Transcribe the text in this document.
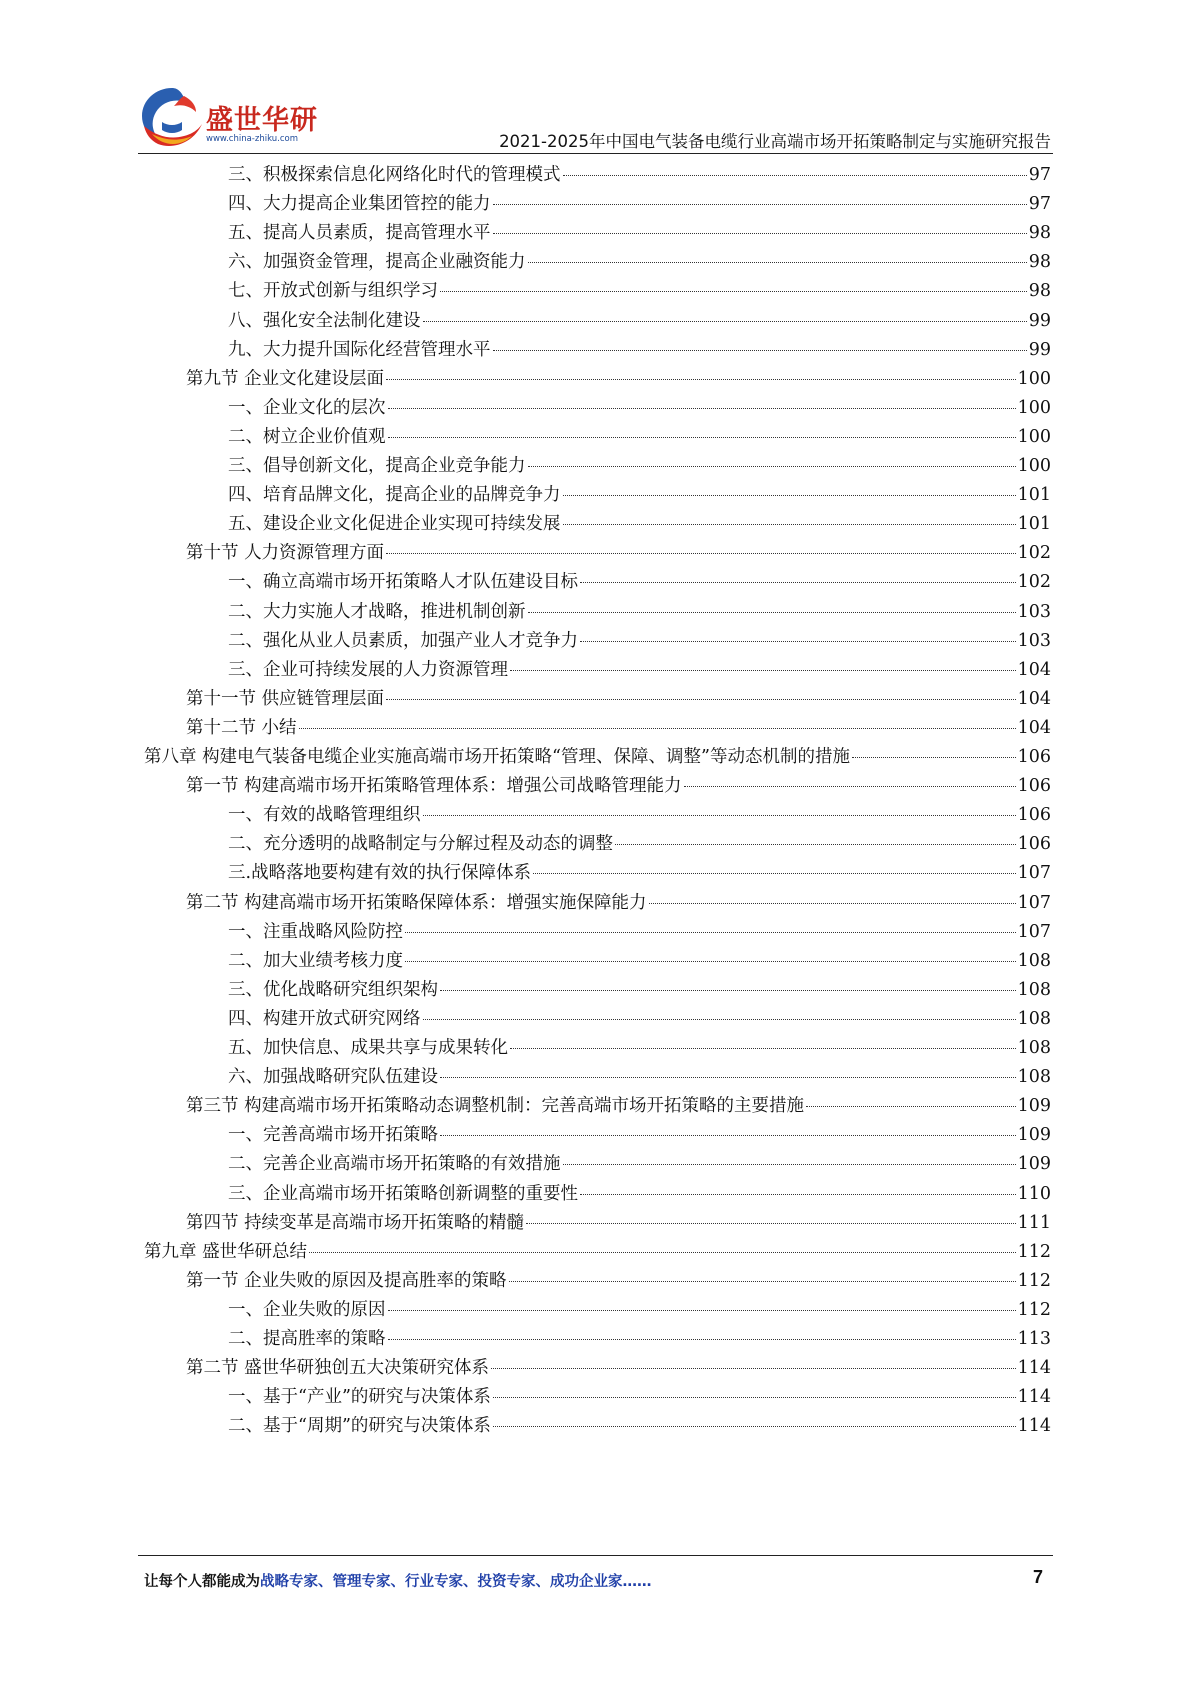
盛世华研
www.china-zhiku.com	2021-2025年中国电气装备电缆行业高端市场开拓策略制定与实施研究报告
三、积极探索信息化网络化时代的管理模式	97
四、大力提高企业集团管控的能力	97
五、提高人员素质，提高管理水平	98
六、加强资金管理，提高企业融资能力	98
七、开放式创新与组织学习	98
八、强化安全法制化建设	99
九、大力提升国际化经营管理水平	99
第九节 企业文化建设层面	100
一、企业文化的层次	100
二、树立企业价值观	100
三、倡导创新文化，提高企业竞争能力	100
四、培育品牌文化，提高企业的品牌竞争力	101
五、建设企业文化促进企业实现可持续发展	101
第十节 人力资源管理方面	102
一、确立高端市场开拓策略人才队伍建设目标	102
二、大力实施人才战略，推进机制创新	103
二、强化从业人员素质，加强产业人才竞争力	103
三、企业可持续发展的人力资源管理	104
第十一节 供应链管理层面	104
第十二节 小结	104
第八章 构建电气装备电缆企业实施高端市场开拓策略“管理、保障、调整”等动态机制的措施	106
第一节 构建高端市场开拓策略管理体系：增强公司战略管理能力	106
一、有效的战略管理组织	106
二、充分透明的战略制定与分解过程及动态的调整	106
三.战略落地要构建有效的执行保障体系	107
第二节 构建高端市场开拓策略保障体系：增强实施保障能力	107
一、注重战略风险防控	107
二、加大业绩考核力度	108
三、优化战略研究组织架构	108
四、构建开放式研究网络	108
五、加快信息、成果共享与成果转化	108
六、加强战略研究队伍建设	108
第三节 构建高端市场开拓策略动态调整机制：完善高端市场开拓策略的主要措施	109
一、完善高端市场开拓策略	109
二、完善企业高端市场开拓策略的有效措施	109
三、企业高端市场开拓策略创新调整的重要性	110
第四节 持续变革是高端市场开拓策略的精髓	111
第九章 盛世华研总结	112
第一节 企业失败的原因及提高胜率的策略	112
一、企业失败的原因	112
二、提高胜率的策略	113
第二节 盛世华研独创五大决策研究体系	114
一、基于“产业”的研究与决策体系	114
二、基于“周期”的研究与决策体系	114
让每个人都能成为战略专家、管理专家、行业专家、投资专家、成功企业家……	7
